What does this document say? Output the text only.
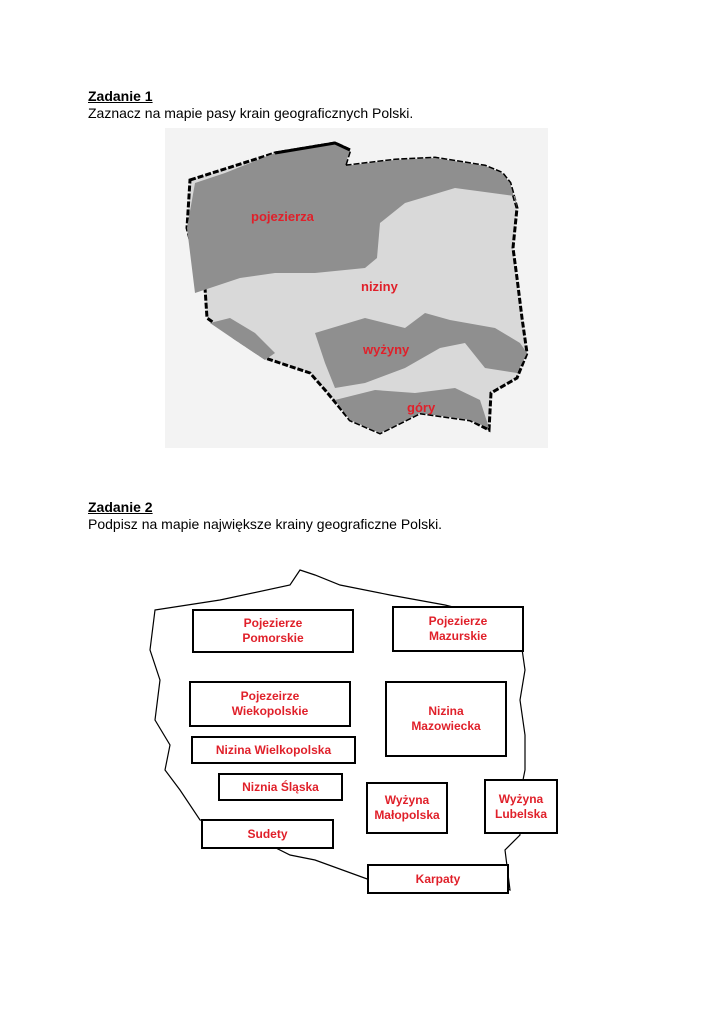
Zadanie 1
Zaznacz na mapie pasy krain geograficznych Polski.
pojezierza
niziny
wyżyny
góry
Zadanie 2
Podpisz na mapie największe krainy geograficzne Polski.
Pojezierze
Pomorskie
Pojezierze
Mazurskie
Pojezeirze
Wiekopolskie	Nizina
Mazowiecka
Nizina Wielkopolska
Niznia Śląska
Wyżyna
Małopolska
Wyżyna
Lubelska
Sudety
Karpaty
